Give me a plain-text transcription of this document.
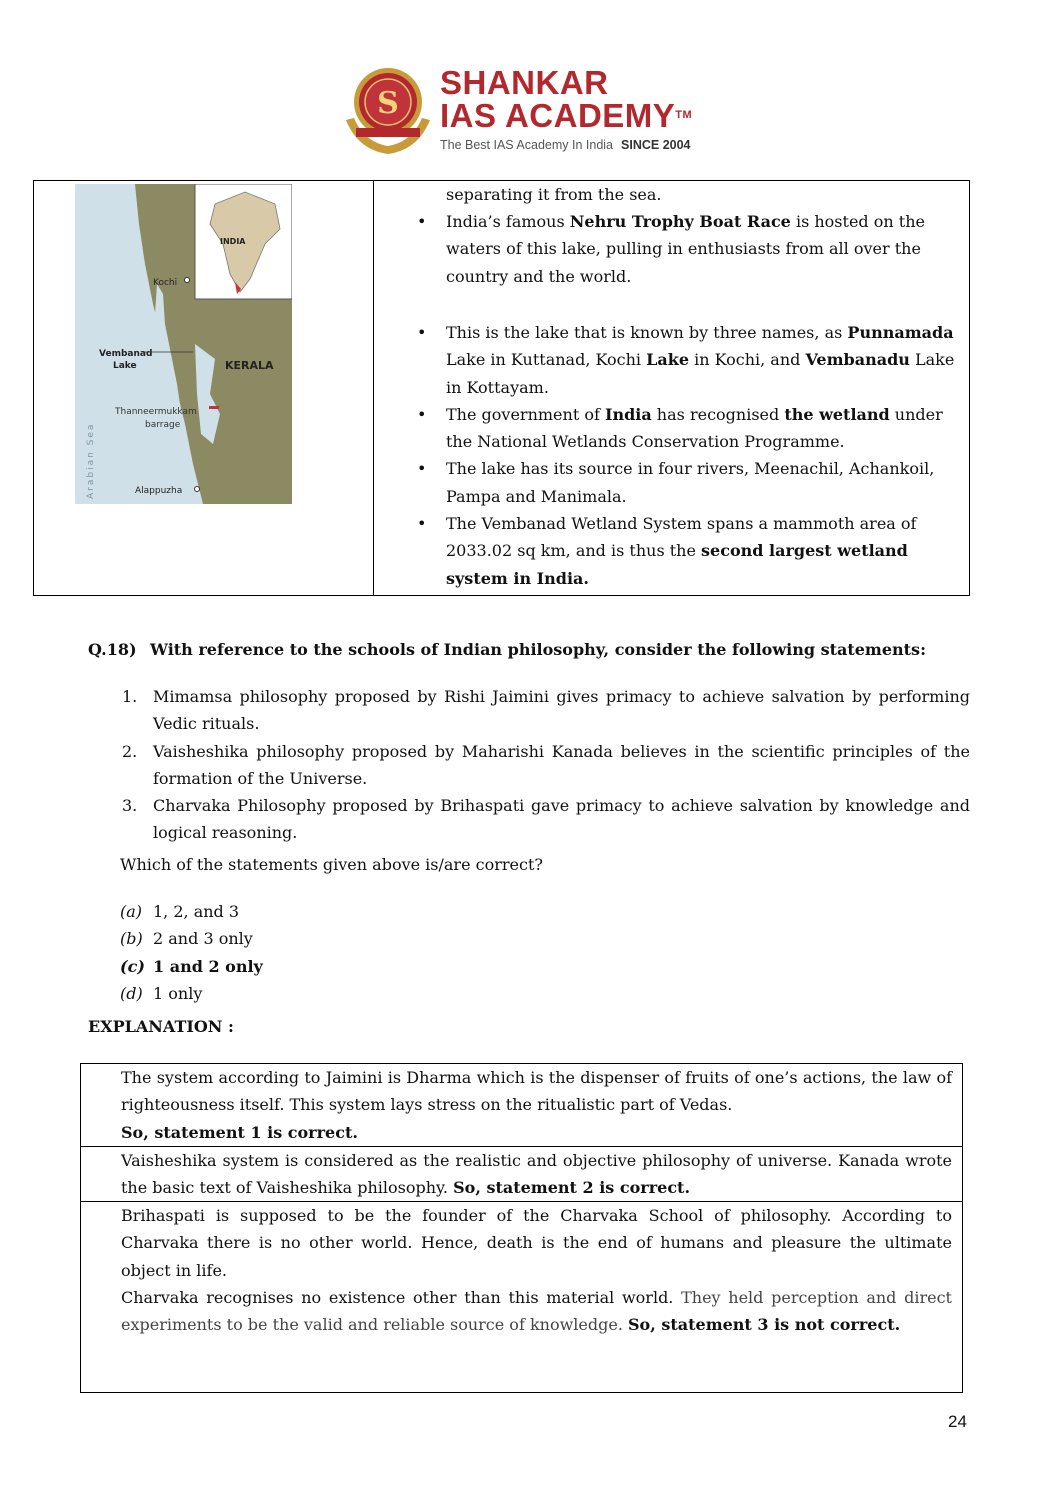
S
SHANKAR
IAS ACADEMY™
The Best IAS Academy In India SINCE 2004
INDIA
Kochi
Vembanad
Lake	KERALA
Thanneermukkam
barrage
Arabian Sea	Alappuzha
separating it from the sea.
• India’s famous Nehru Trophy Boat Race is hosted on the waters of this lake, pulling in enthusiasts from all over the country and the world.
• This is the lake that is known by three names, as Punnamada Lake in Kuttanad, Kochi Lake in Kochi, and Vembanadu Lake in Kottayam.
• The government of India has recognised the wetland under the National Wetlands Conservation Programme.
• The lake has its source in four rivers, Meenachil, Achankoil, Pampa and Manimala.
• The Vembanad Wetland System spans a mammoth area of 2033.02 sq km, and is thus the second largest wetland system in India.
Q.18) With reference to the schools of Indian philosophy, consider the following statements:
1. Mimamsa philosophy proposed by Rishi Jaimini gives primacy to achieve salvation by performing Vedic rituals.
2. Vaisheshika philosophy proposed by Maharishi Kanada believes in the scientific principles of the formation of the Universe.
3. Charvaka Philosophy proposed by Brihaspati gave primacy to achieve salvation by knowledge and logical reasoning.
Which of the statements given above is/are correct?
(a) 1, 2, and 3
(b) 2 and 3 only
(c) 1 and 2 only
(d) 1 only
EXPLANATION :
The system according to Jaimini is Dharma which is the dispenser of fruits of one’s actions, the law of righteousness itself. This system lays stress on the ritualistic part of Vedas.
So, statement 1 is correct.
Vaisheshika system is considered as the realistic and objective philosophy of universe. Kanada wrote the basic text of Vaisheshika philosophy. So, statement 2 is correct.
Brihaspati is supposed to be the founder of the Charvaka School of philosophy. According to Charvaka there is no other world. Hence, death is the end of humans and pleasure the ultimate object in life.
Charvaka recognises no existence other than this material world. They held perception and direct experiments to be the valid and reliable source of knowledge. So, statement 3 is not correct.
24
